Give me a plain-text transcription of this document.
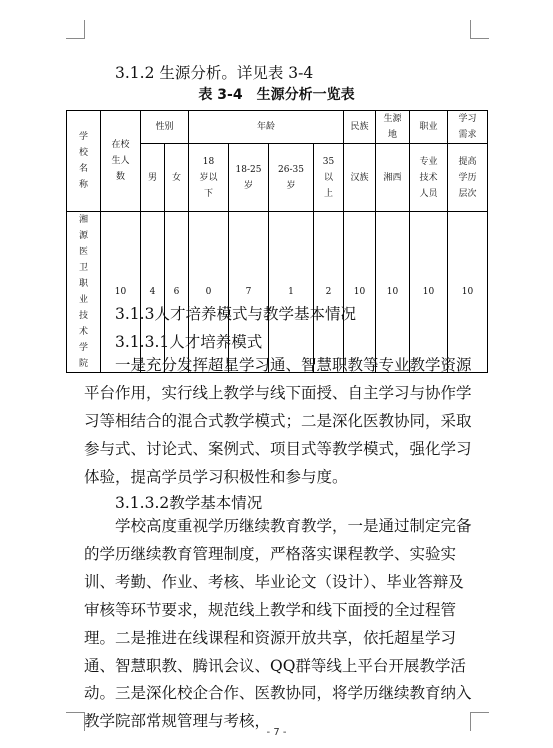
3.1.2 生源分析。详见表 3-4
表 3-4　生源分析一览表
学校名称	在校生人数	性别		年龄				民族	生源地	职业	学习需求
		男	女	18岁以下	18-25岁	26-35岁	35以上	汉族	湘西	专业技术人员	提高学历层次
湘源医卫职业技术学院	10	4	6	0	7	1	2	10	10	10	10
3.1.3人才培养模式与教学基本情况
3.1.3.1人才培养模式

一是充分发挥超星学习通、智慧职教等专业教学资源平台作用，实行线上教学与线下面授、自主学习与协作学习等相结合的混合式教学模式；二是深化医教协同，采取参与式、讨论式、案例式、项目式等教学模式，强化学习体验，提高学员学习积极性和参与度。

3.1.3.2教学基本情况

学校高度重视学历继续教育教学，一是通过制定完备的学历继续教育管理制度，严格落实课程教学、实验实训、考勤、作业、考核、毕业论文（设计）、毕业答辩及审核等环节要求，规范线上教学和线下面授的全过程管理。二是推进在线课程和资源开放共享，依托超星学习通、智慧职教、腾讯会议、QQ群等线上平台开展教学活动。三是深化校企合作、医教协同，将学历继续教育纳入教学院部常规管理与考核，

- 7 -
